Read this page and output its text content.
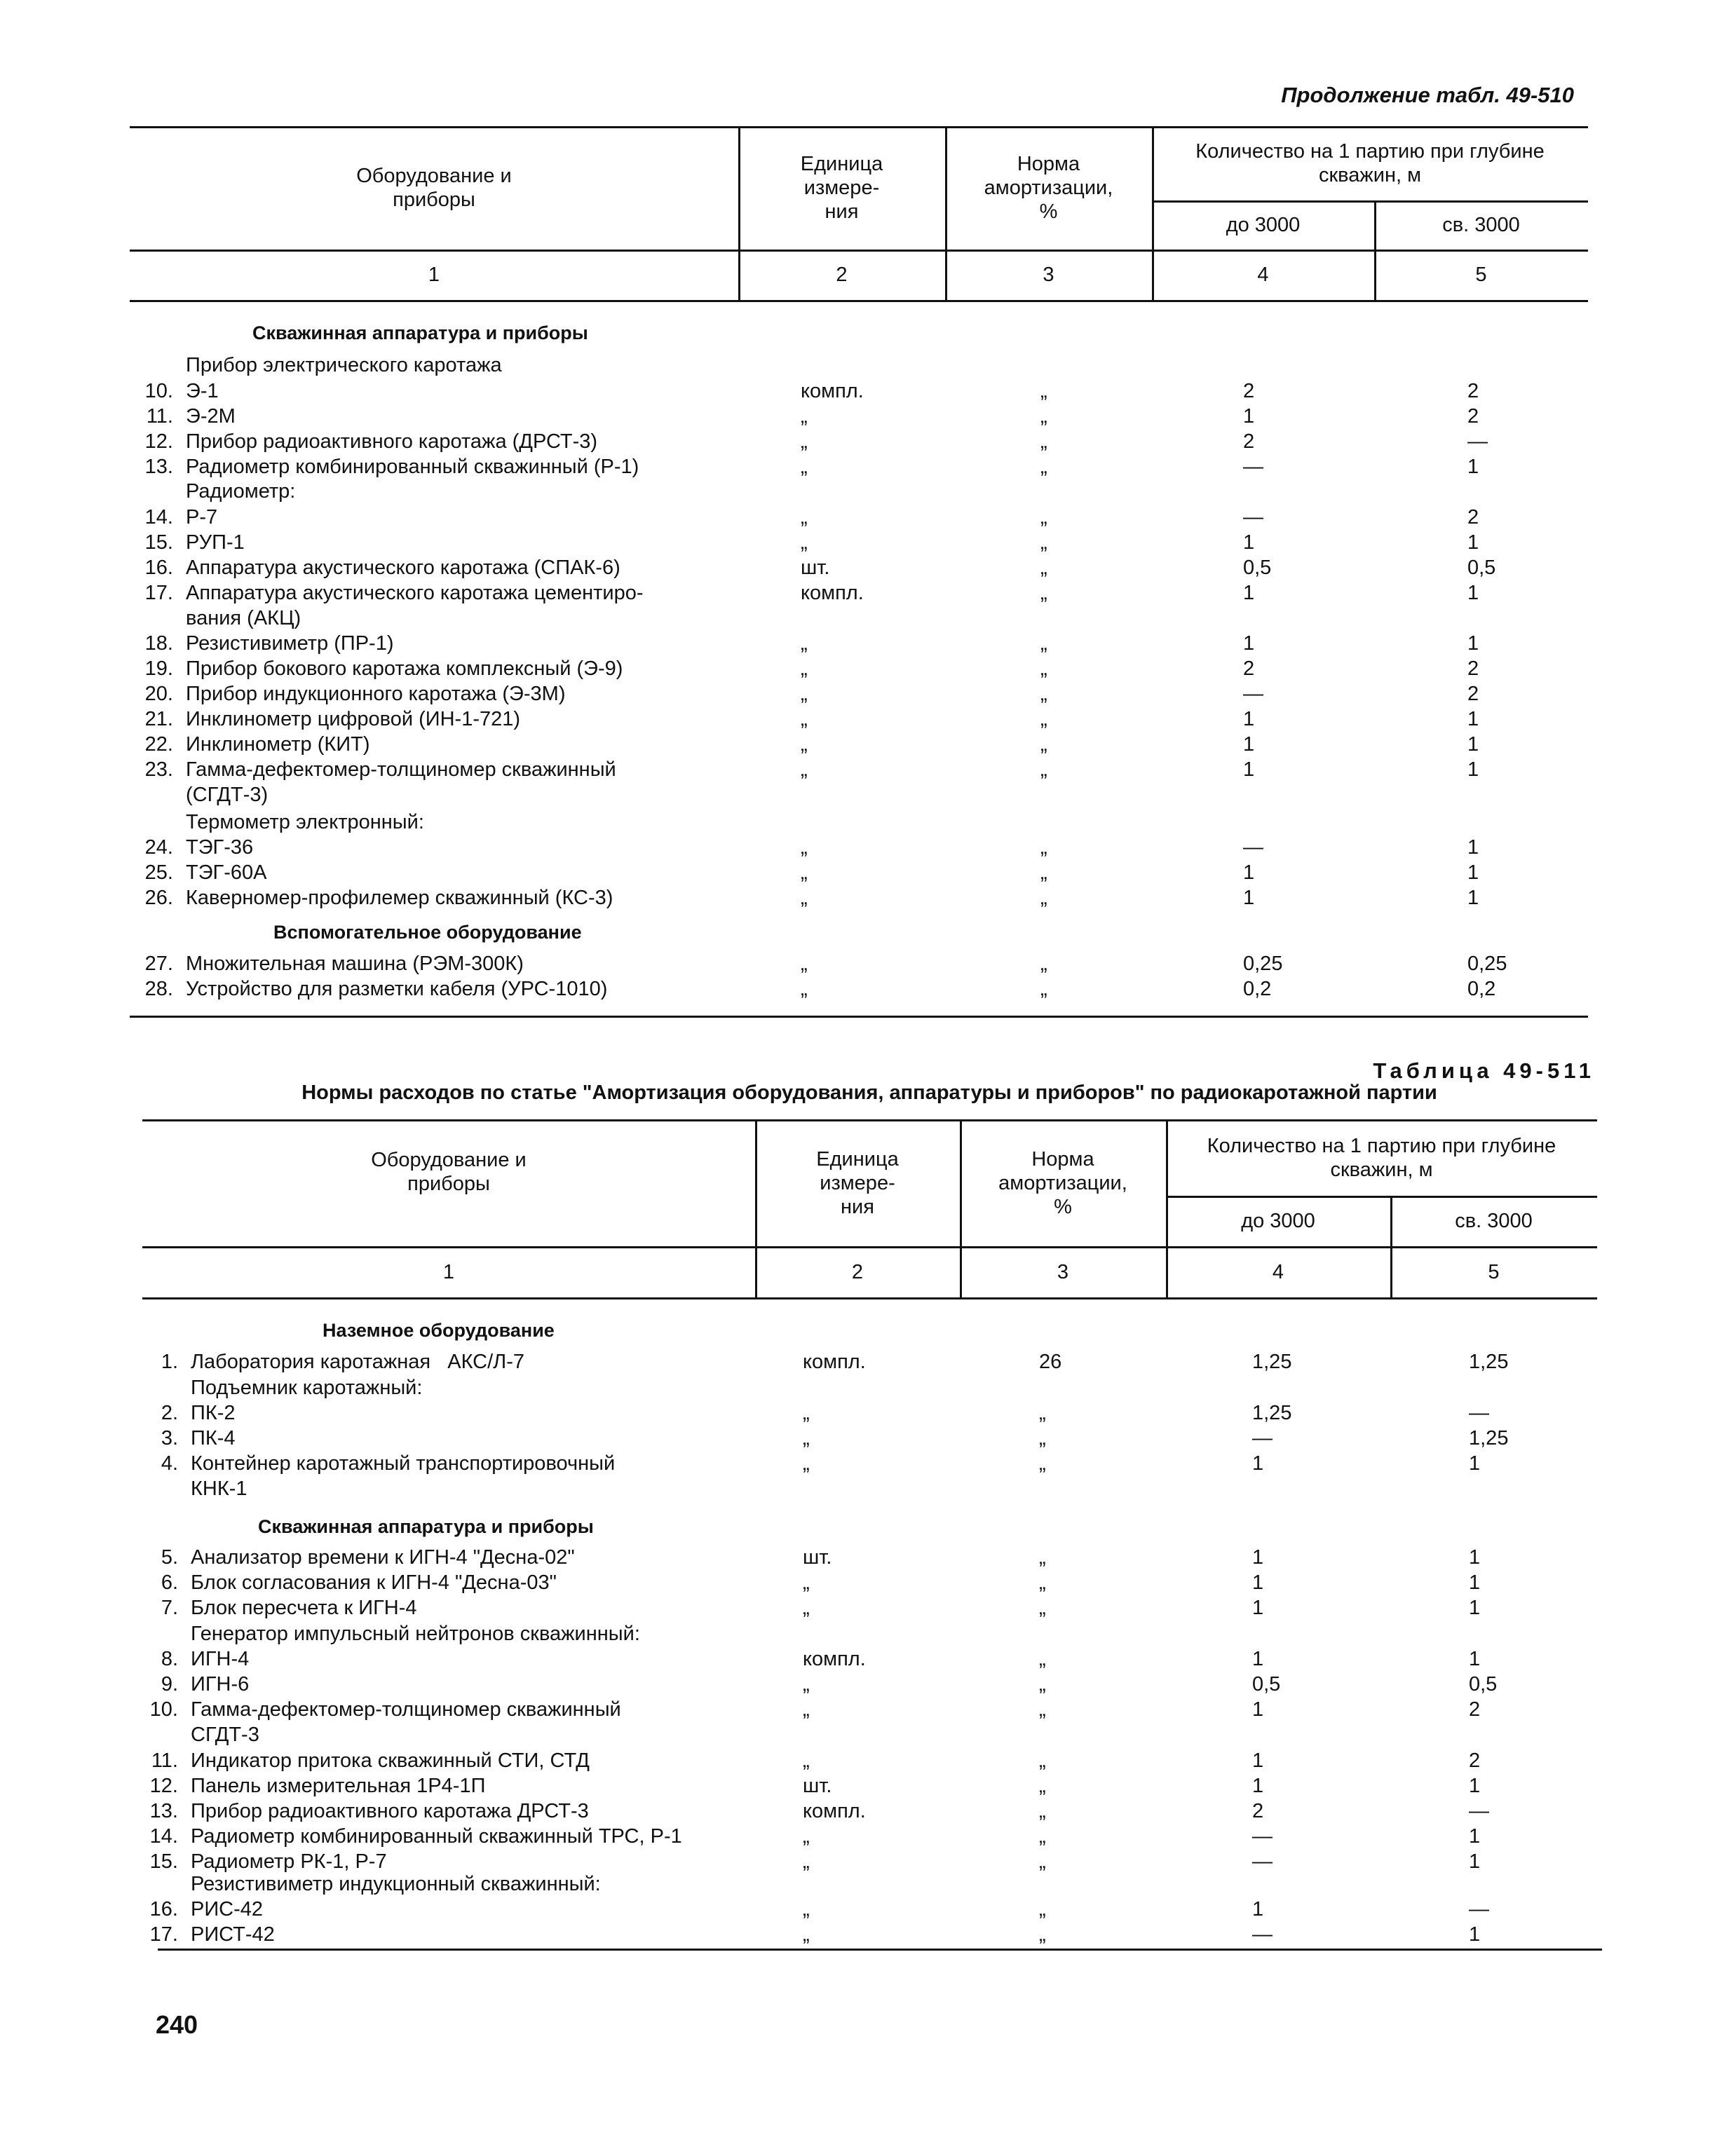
Продолжение табл. 49-510
Оборудование и
приборы
Единица
измере-
ния
Норма
амортизации,
%
Количество на 1 партию при глубине
скважин, м
до 3000	св. 3000
1	2	3	4	5
Скважинная аппаратура и приборы
Прибор электрического каротажа
10. Э-1	компл.	„	2	2
11. Э-2М	„	„	1	2
12. Прибор радиоактивного каротажа (ДРСТ-3)	„	„	2	—
13. Радиометр комбинированный скважинный (Р-1)	„	„	—	1
14. Р-7	„	„	—	2
15. РУП-1	„	„	1	1
16. Аппаратура акустического каротажа (СПАК-6)	шт.	„	0,5	0,5
17. Аппаратура акустического каротажа цементиро-
вания (АКЦ)
компл.	„	1	1
18. Резистивиметр (ПР-1)	„	„	1	1
19. Прибор бокового каротажа комплексный (Э-9)	„	„	2	2
20. Прибор индукционного каротажа (Э-3М)	„	„	—	2
21. Инклинометр цифровой (ИН-1-721)	„	„	1	1
22. Инклинометр (КИТ)	„	„	1	1
23. Гамма-дефектомер-толщиномер скважинный
(СГДТ-3)
„	„	1	1
24. ТЭГ-36	„	„	—	1
25. ТЭГ-60А	„	„	1	1
26. Каверномер-профилемер скважинный (КС-3)	„	„	1	1
27. Множительная машина (РЭМ-300К)	„	„	0,25	0,25
28. Устройство для разметки кабеля (УРС-1010)	„	„	0,2	0,2
Радиометр:
Термометр электронный:
Вспомогательное оборудование
Таблица 49-511
Нормы расходов по статье "Амортизация оборудования, аппаратуры и приборов" по радиокаротажной партии
Оборудование и
приборы
Единица
измере-
ния
Норма
амортизации,
%
Количество на 1 партию при глубине
скважин, м
до 3000	св. 3000
1	2	3	4	5
Наземное оборудование
Подъемник каротажный:
Скважинная аппаратура и приборы
Генератор импульсный нейтронов скважинный:
Резистивиметр индукционный скважинный:
1. Лаборатория каротажная   АКС/Л-7	компл.	26	1,25	1,25
2. ПК-2	„	„	1,25	—
3. ПК-4	„	„	—	1,25
4. Контейнер каротажный транспортировочный
КНК-1
„	„	1	1
5. Анализатор времени к ИГН-4 "Десна-02"	шт.	„	1	1
6. Блок согласования к ИГН-4 "Десна-03"	„	„	1	1
7. Блок пересчета к ИГН-4	„	„	1	1
8. ИГН-4	компл.	„	1	1
9. ИГН-6	„	„	0,5	0,5
10. Гамма-дефектомер-толщиномер скважинный
СГДТ-3
„	„	1	2
11. Индикатор притока скважинный СТИ, СТД	„	„	1	2
12. Панель измерительная 1Р4-1П	шт.	„	1	1
13. Прибор радиоактивного каротажа ДРСТ-3	компл.	„	2	—
14. Радиометр комбинированный скважинный ТРС, Р-1	„	„	—	1
15. Радиометр РК-1, Р-7	„	„	—	1
16. РИС-42	„	„	1	—
17. РИСТ-42	„	„	—	1
240
